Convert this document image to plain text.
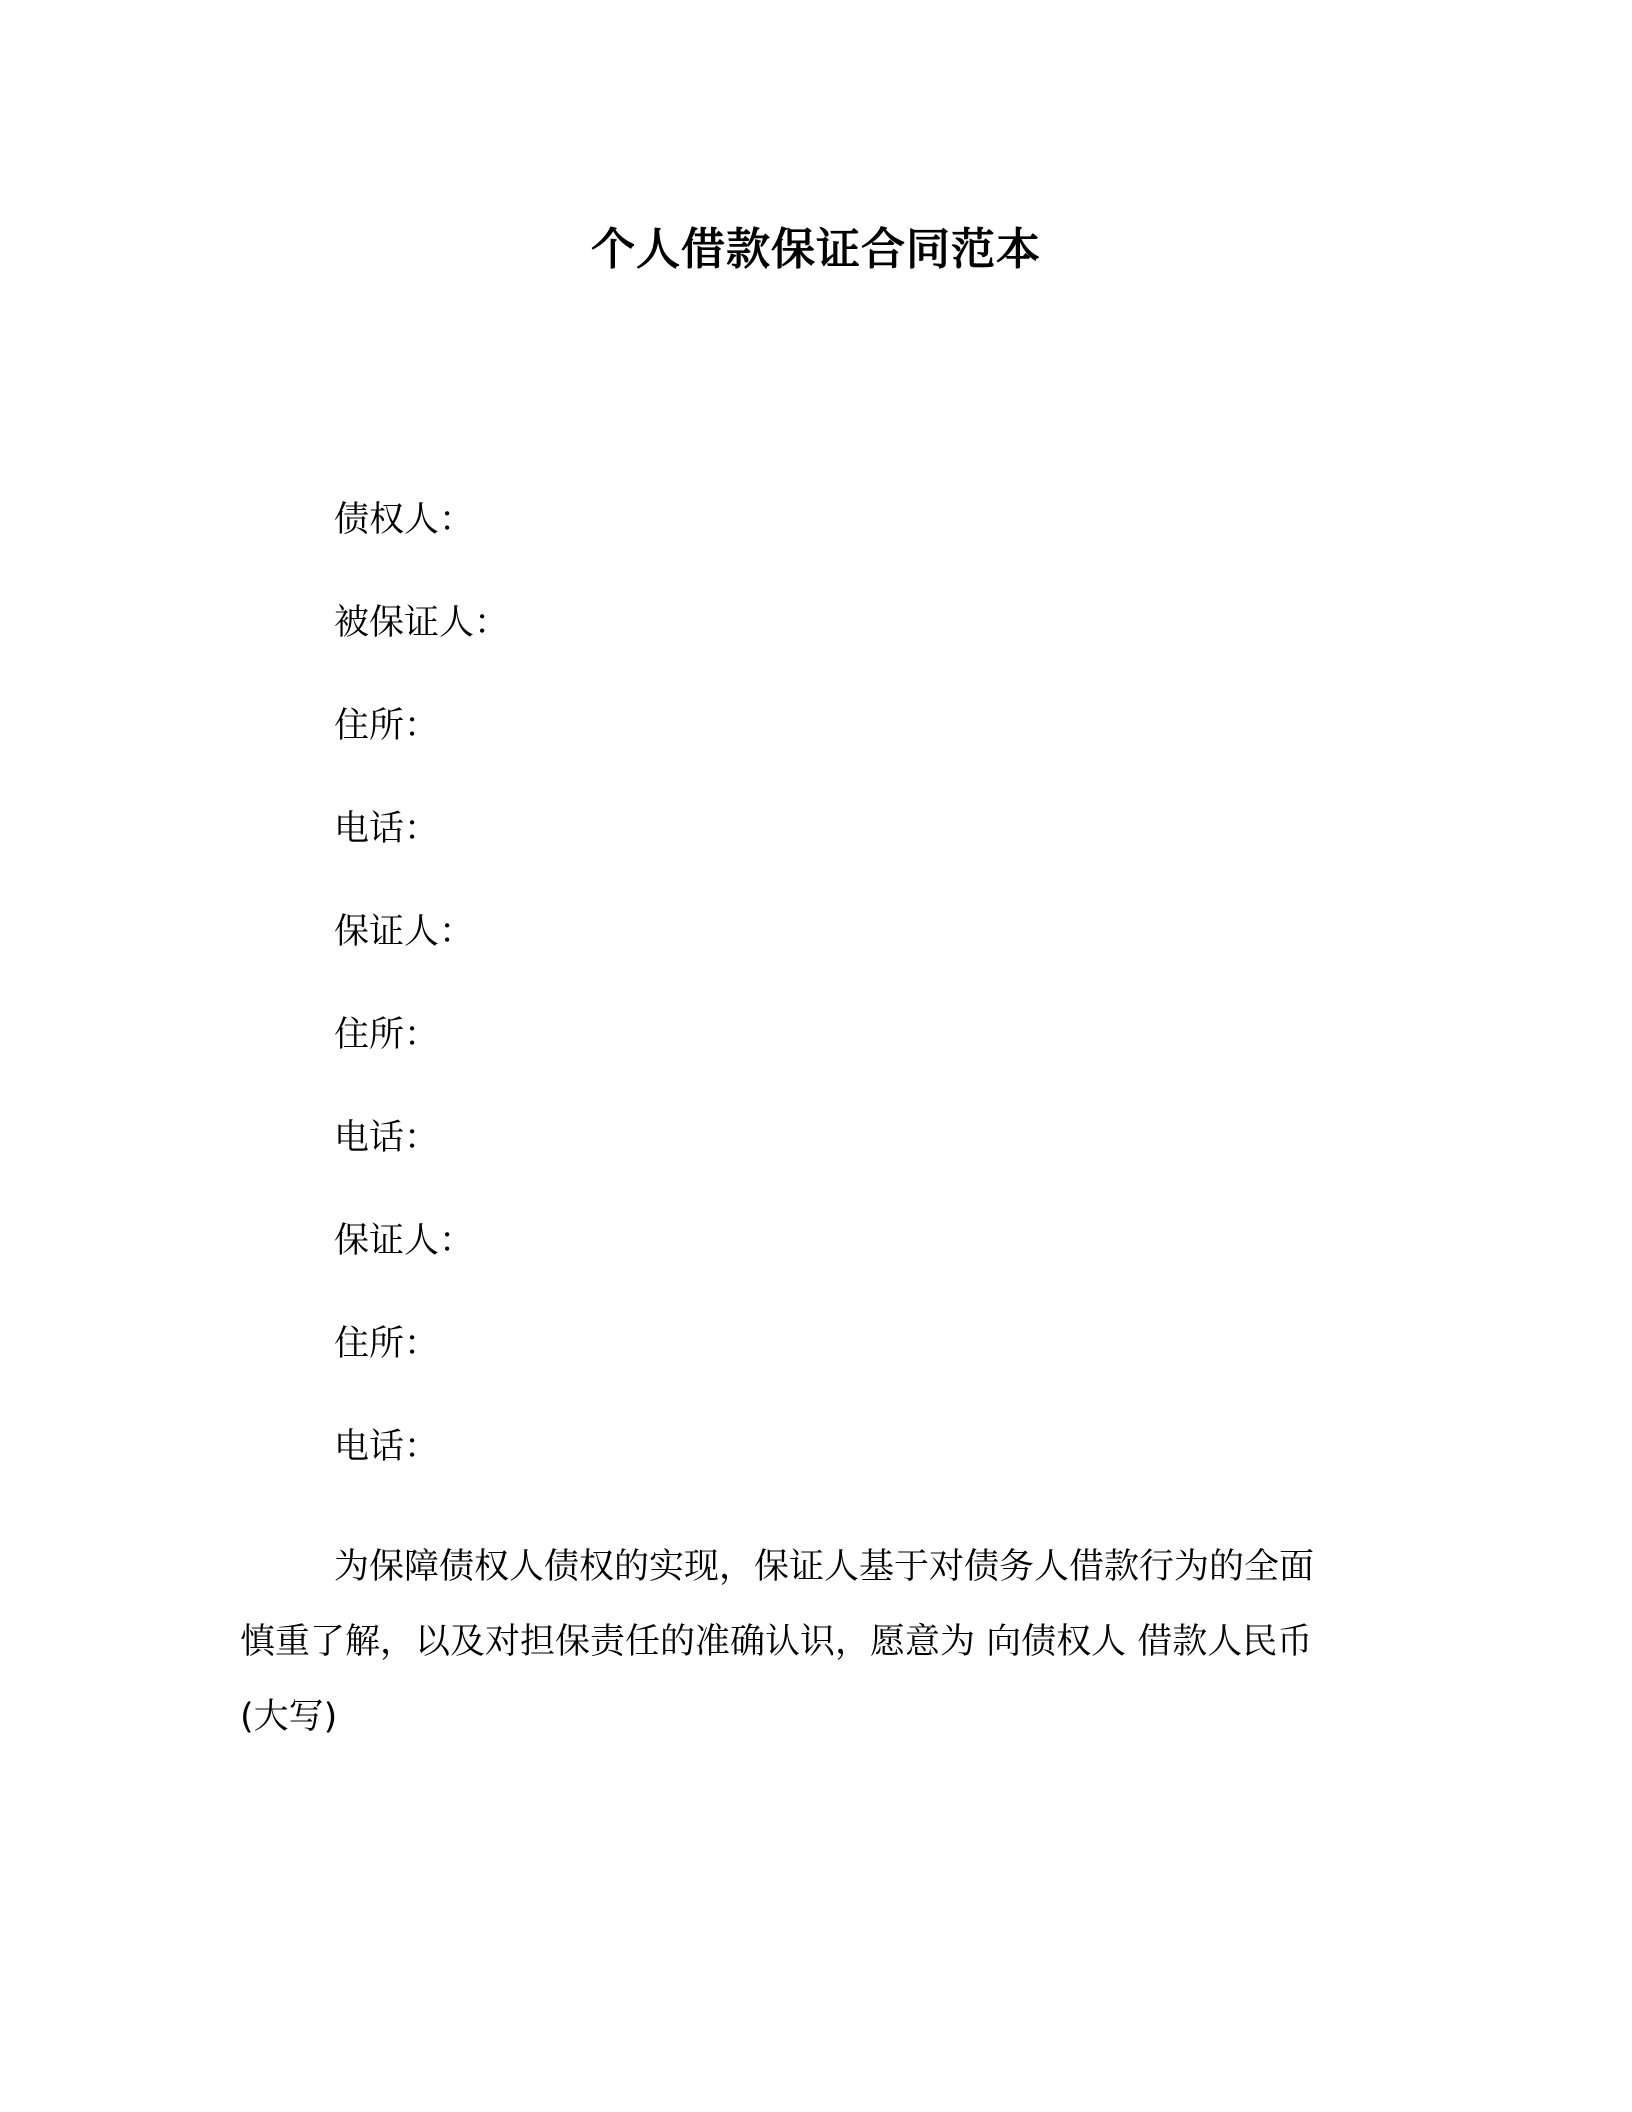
个人借款保证合同范本
债权人：
被保证人：
住所：
电话：
保证人：
住所：
电话：
保证人：
住所：
电话：
为保障债权人债权的实现，保证人基于对债务人借款行为的全面
慎重了解，以及对担保责任的准确认识，愿意为 向债权人 借款人民币
(大写)
